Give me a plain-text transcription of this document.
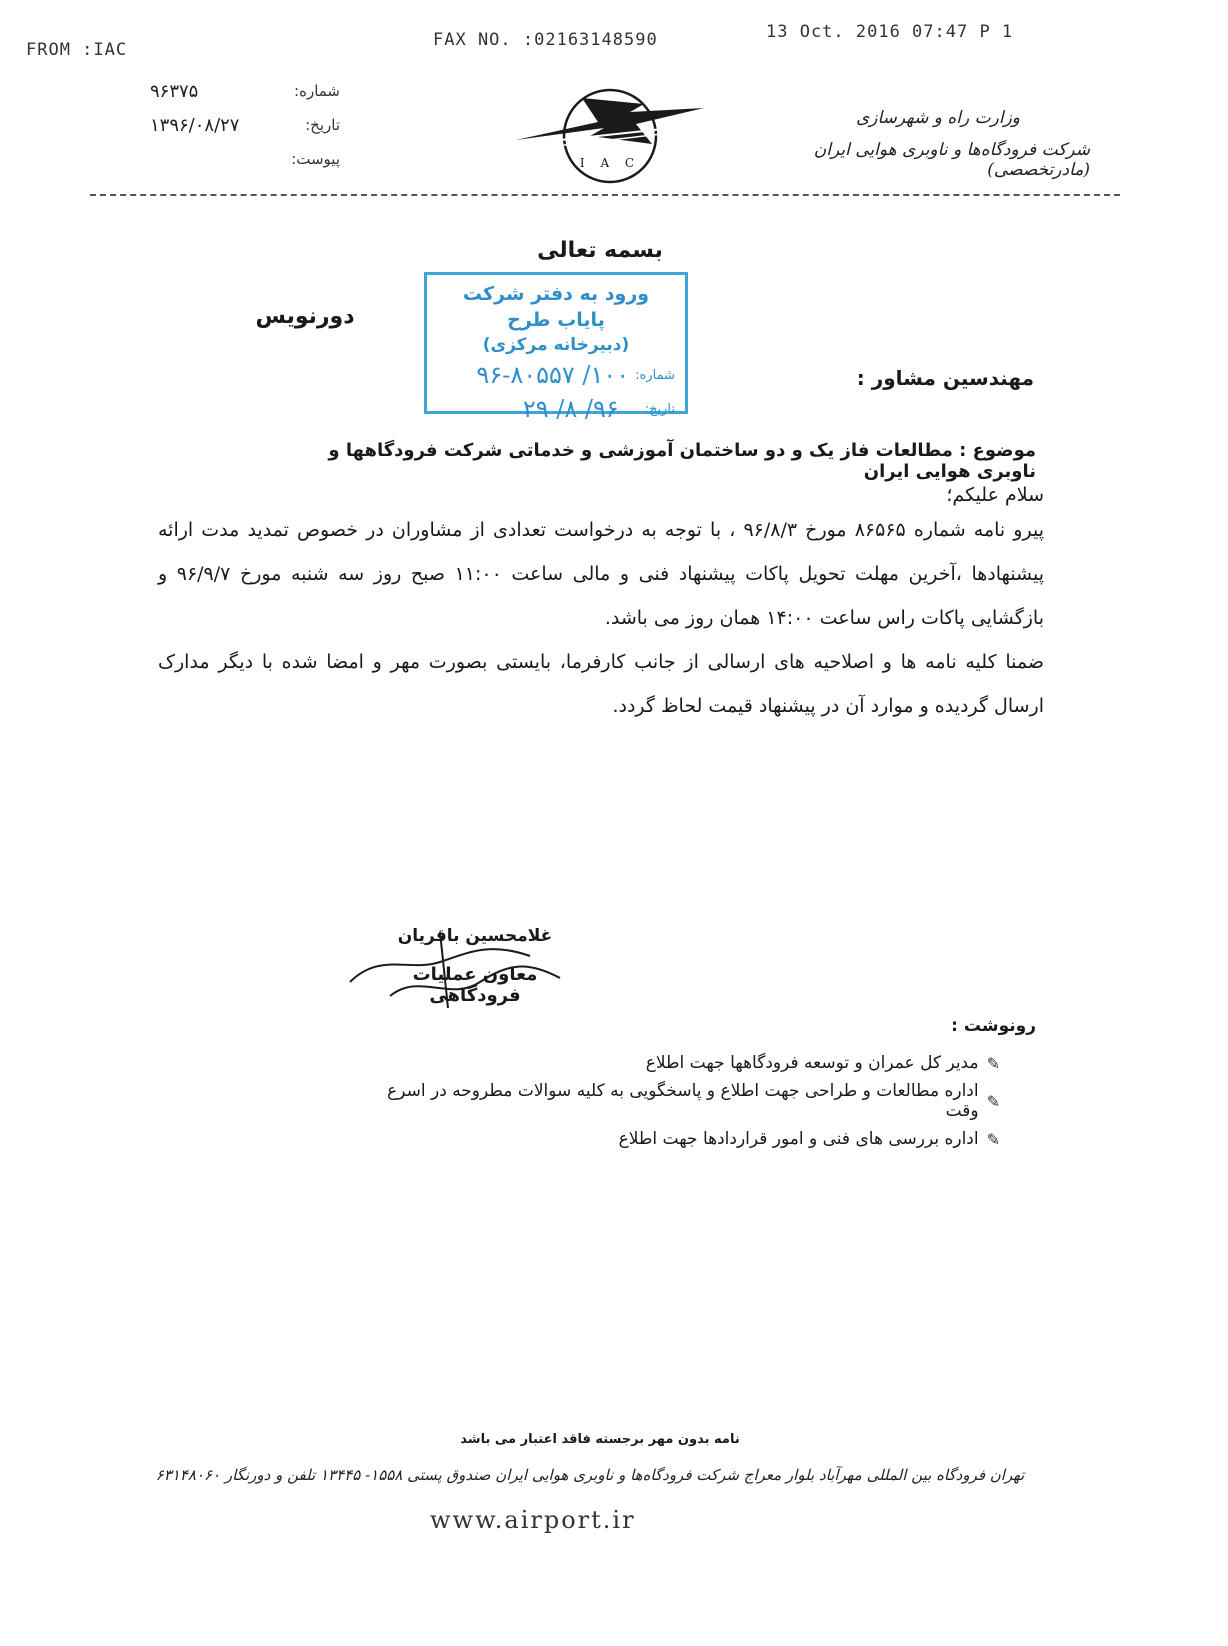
FROM :IAC	FAX NO. :02163148590	13 Oct. 2016 07:47 P 1
شماره:
۹۶۳۷۵
تاریخ:
۱۳۹۶/۰۸/۲۷
پیوست:	I A C
وزارت راه و شهرسازی
شرکت فرودگاه‌ها و ناوبری هوایی ایران (مادرتخصصی)
بسمه تعالی
دورنویس
ورود به دفتر شرکت پایاب طرح
(دبیرخانه مرکزی)
شماره:
۱۰۰/ ۹۶-۸۰۵۵۷
تاریخ:
۹۶/ ۸/ ۲۹
مهندسین مشاور :
موضوع : مطالعات فاز یک و دو ساختمان آموزشی و خدماتی شرکت فرودگاهها و ناوبری هوایی ایران
سلام علیکم؛
پیرو نامه شماره ۸۶۵۶۵ مورخ ۹۶/۸/۳ ، با توجه به درخواست تعدادی از مشاوران در خصوص تمدید مدت ارائه پیشنهادها ،آخرین مهلت تحویل پاکات پیشنهاد فنی و مالی ساعت ۱۱:۰۰ صبح روز سه شنبه مورخ ۹۶/۹/۷ و بازگشایی پاکات راس ساعت ۱۴:۰۰ همان روز می باشد.
ضمنا کلیه نامه ها و اصلاحیه های ارسالی از جانب کارفرما، بایستی بصورت مهر و امضا شده با دیگر مدارک ارسال گردیده و موارد آن در پیشنهاد قیمت لحاظ گردد.
غلامحسین باقریان
معاون عملیات فرودگاهی
رونوشت :
✎
مدیر کل عمران و توسعه فرودگاهها جهت اطلاع
✎
اداره مطالعات و طراحی جهت اطلاع و پاسخگویی به کلیه سوالات مطروحه در اسرع وقت
✎
اداره بررسی های فنی و امور قراردادها جهت اطلاع
نامه بدون مهر برجسته فاقد اعتبار می باشد
تهران فرودگاه بین المللی مهرآباد بلوار معراج شرکت فرودگاه‌ها و ناوبری هوایی ایران صندوق پستی ۱۵۵۸- ۱۳۴۴۵ تلفن و دورنگار ۶۳۱۴۸۰۶۰
www.airport.ir
